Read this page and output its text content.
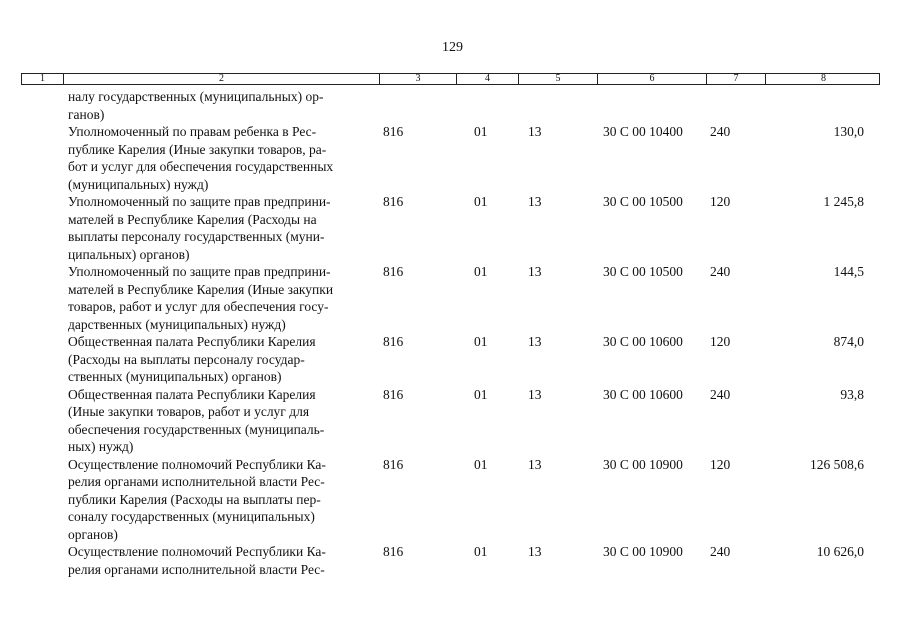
129
1	2	3	4	5	6	7	8
налу государственных (муниципальных) ор-
ганов)
Уполномоченный по правам ребенка в Рес-
публике Карелия (Иные закупки товаров, ра-
бот и услуг для обеспечения государственных
(муниципальных) нужд)
816	01	13	30 С 00 10400 240	130,0
Уполномоченный по защите прав предприни-
мателей в Республике Карелия (Расходы на
выплаты персоналу государственных (муни-
ципальных) органов)
816	01	13	30 С 00 10500 120	1 245,8
Уполномоченный по защите прав предприни-
мателей в Республике Карелия (Иные закупки
товаров, работ и услуг для обеспечения госу-
дарственных (муниципальных) нужд)
816	01	13	30 С 00 10500 240	144,5
Общественная палата Республики Карелия
(Расходы на выплаты персоналу государ-
ственных (муниципальных) органов)
816	01	13	30 С 00 10600 120	874,0
Общественная палата Республики Карелия
(Иные закупки товаров, работ и услуг для
обеспечения государственных (муниципаль-
ных) нужд)
816	01	13	30 С 00 10600 240	93,8
Осуществление полномочий Республики Ка-
релия органами исполнительной власти Рес-
публики Карелия (Расходы на выплаты пер-
соналу государственных (муниципальных)
органов)
816	01	13	30 С 00 10900 120	126 508,6
Осуществление полномочий Республики Ка-
релия органами исполнительной власти Рес-
816	01	13	30 С 00 10900 240	10 626,0
